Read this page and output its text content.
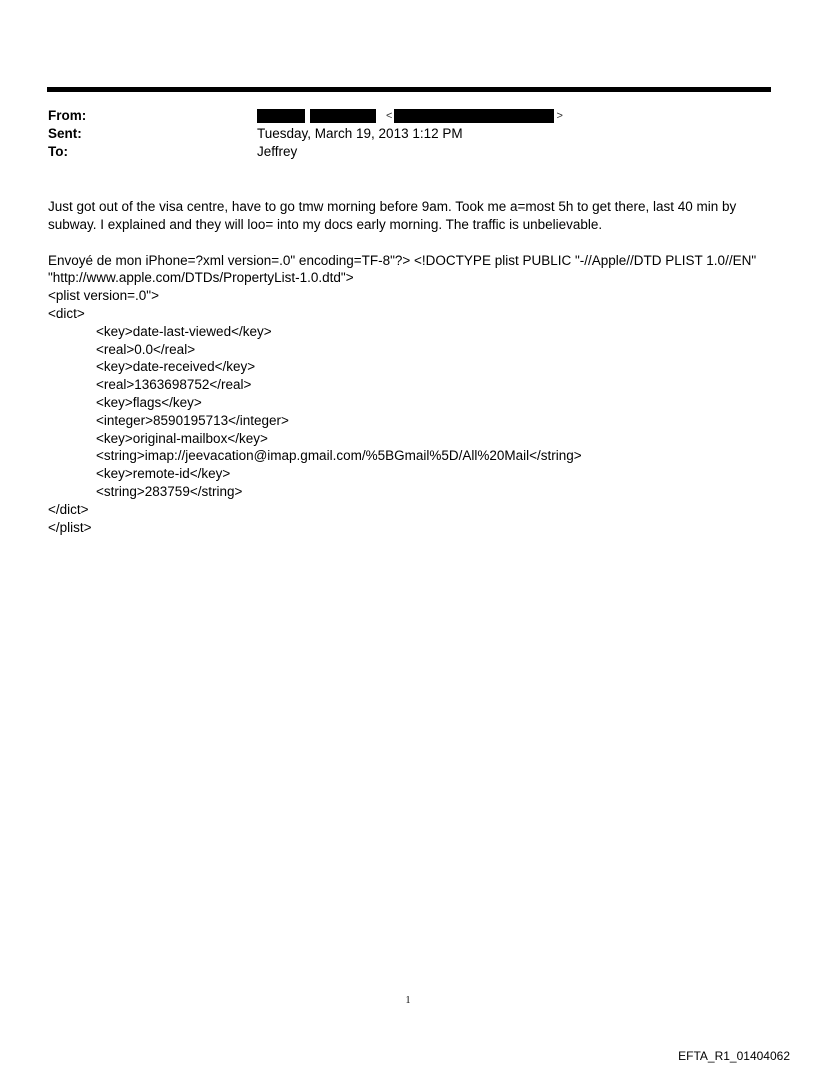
From:	<	>
Sent:	Tuesday, March 19, 2013 1:12 PM
To:	Jeffrey

Just got out of the visa centre, have to go tmw morning before 9am. Took me a=most 5h to get there, last 40 min by subway. I explained and they will loo= into my docs early morning. The traffic is unbelievable.

Envoyé de mon iPhone=?xml version=.0" encoding=TF-8"?> <!DOCTYPE plist PUBLIC "-//Apple//DTD PLIST 1.0//EN"
"http://www.apple.com/DTDs/PropertyList-1.0.dtd">
<plist version=.0">
<dict>
<key>date-last-viewed</key>
<real>0.0</real>
<key>date-received</key>
<real>1363698752</real>
<key>flags</key>
<integer>8590195713</integer>
<key>original-mailbox</key>
<string>imap://jeevacation@imap.gmail.com/%5BGmail%5D/All%20Mail</string>
<key>remote-id</key>
<string>283759</string>
</dict>
</plist>
1
EFTA_R1_01404062
